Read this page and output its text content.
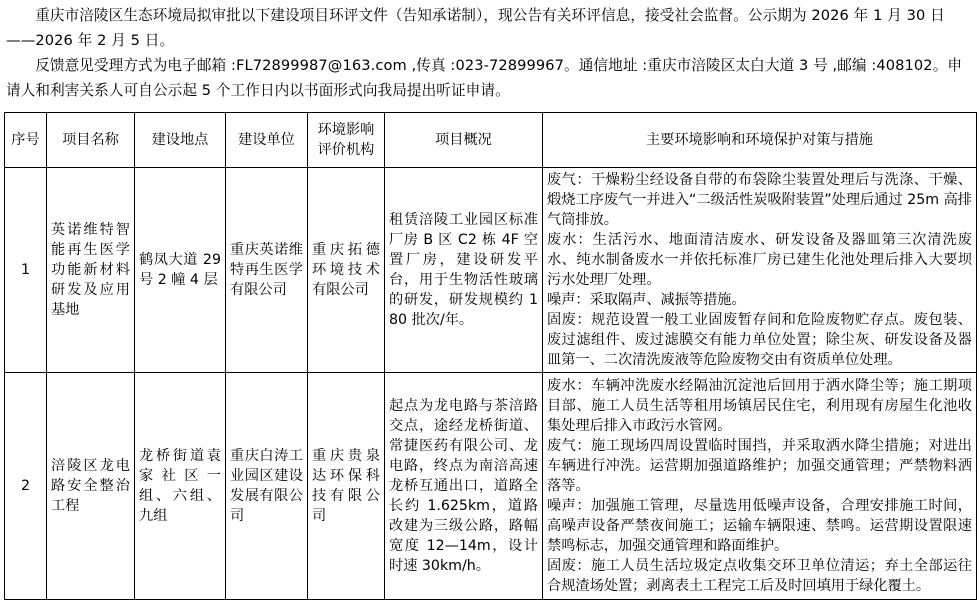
重庆市涪陵区生态环境局拟审批以下建设项目环评文件（告知承诺制），现公告有关环评信息，接受社会监督。公示期为 2026 年 1 月 30 日——2026 年 2 月 5 日。

反馈意见受理方式为电子邮箱 :FL72899987@163.com ,传真 :023-72899967。通信地址 :重庆市涪陵区太白大道 3 号 ,邮编 :408102。申请人和利害关系人可自公示起 5 个工作日内以书面形式向我局提出听证申请。

序号	项目名称	建设地点	建设单位	环境影响评价机构	项目概况	主要环境影响和环境保护对策与措施
1	英诺维特智能再生医学功能新材料研发及应用基地	鹤凤大道 29 号 2 幢 4 层	重庆英诺维特再生医学有限公司	重庆拓德环境技术有限公司	租赁涪陵工业园区标准厂房 B 区 C2 栋 4F 空置厂房，建设研发平台，用于生物活性玻璃的研发，研发规模约 180 批次/年。	废气：干燥粉尘经设备自带的布袋除尘装置处理后与洗涤、干燥、煅烧工序废气一并进入“二级活性炭吸附装置”处理后通过 25m 高排气筒排放。
废水：生活污水、地面清洁废水、研发设备及器皿第三次清洗废水、纯水制备废水一并依托标准厂房已建生化池处理后排入大要坝污水处理厂处理。
噪声：采取隔声、减振等措施。
固废：规范设置一般工业固废暂存间和危险废物贮存点。废包装、废过滤组件、废过滤膜交有能力单位处置；除尘灰、研发设备及器皿第一、二次清洗废液等危险废物交由有资质单位处理。

2	涪陵区龙电路安全整治工程	龙桥街道袁家社区一组、六组、九组	重庆白涛工业园区建设发展有限公司	重庆贵泉达环保科技有限公司	起点为龙电路与茶涪路交点，途经龙桥街道、常捷医药有限公司、龙电路，终点为南涪高速龙桥互通出口，道路全长约 1.625km，道路改建为三级公路，路幅宽度 12—14m，设计时速 30km/h。	废水：车辆冲洗废水经隔油沉淀池后回用于洒水降尘等；施工期项目部、施工人员生活等租用场镇居民住宅，利用现有房屋生化池收集处理后排入市政污水管网。
废气：施工现场四周设置临时围挡，并采取洒水降尘措施；对进出车辆进行冲洗。运营期加强道路维护；加强交通管理；严禁物料洒落等。
噪声：加强施工管理，尽量选用低噪声设备，合理安排施工时间，高噪声设备严禁夜间施工；运输车辆限速、禁鸣。运营期设置限速禁鸣标志，加强交通管理和路面维护。
固废：施工人员生活垃圾定点收集交环卫单位清运；弃土全部运往合规渣场处置；剥离表土工程完工后及时回填用于绿化覆土。
